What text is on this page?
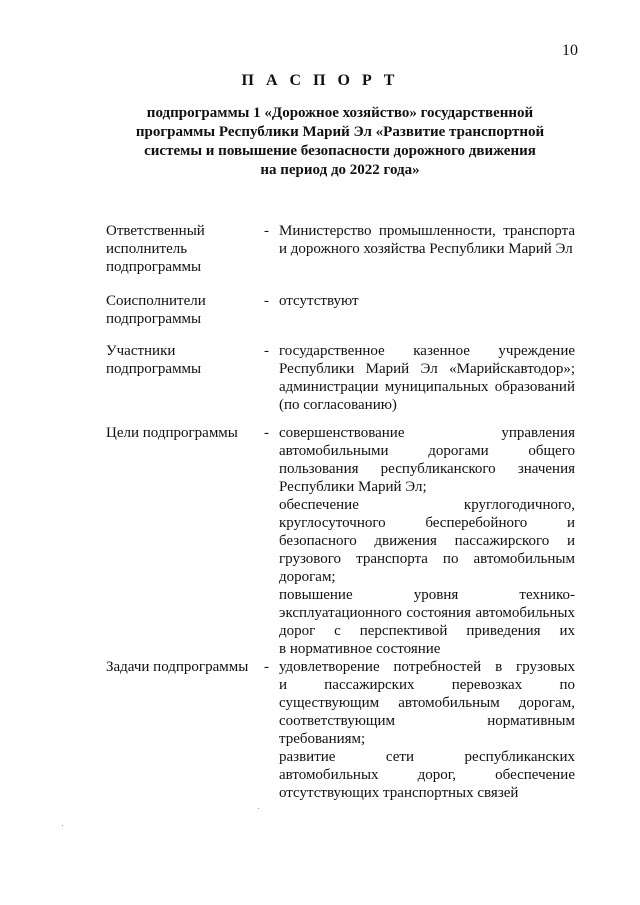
10
П А С П О Р Т
подпрограммы 1 «Дорожное хозяйство» государственной
программы Республики Марий Эл «Развитие транспортной
системы и повышение безопасности дорожного движения
на период до 2022 года»
Ответственный
исполнитель
подпрограммы
- Министерство промышленности, транспорта
и дорожного хозяйства Республики Марий Эл
Соисполнители
подпрограммы
- отсутствуют
Участники
подпрограммы
- государственное казенное учреждение
Республики Марий Эл «Марийскавтодор»;
администрации муниципальных образований
(по согласованию)
Цели подпрограммы	- совершенствование управления
автомобильными дорогами общего
пользования республиканского значения
Республики Марий Эл;
обеспечение круглогодичного,
круглосуточного бесперебойного и
безопасного движения пассажирского и
грузового транспорта по автомобильным
дорогам;
повышение уровня технико-
эксплуатационного состояния автомобильных
дорог с перспективой приведения их
в нормативное состояние
Задачи подпрограммы	- удовлетворение потребностей в грузовых
и пассажирских перевозках по
существующим автомобильным дорогам,
соответствующим нормативным
требованиям;
развитие сети республиканских
автомобильных дорог, обеспечение
отсутствующих транспортных связей
